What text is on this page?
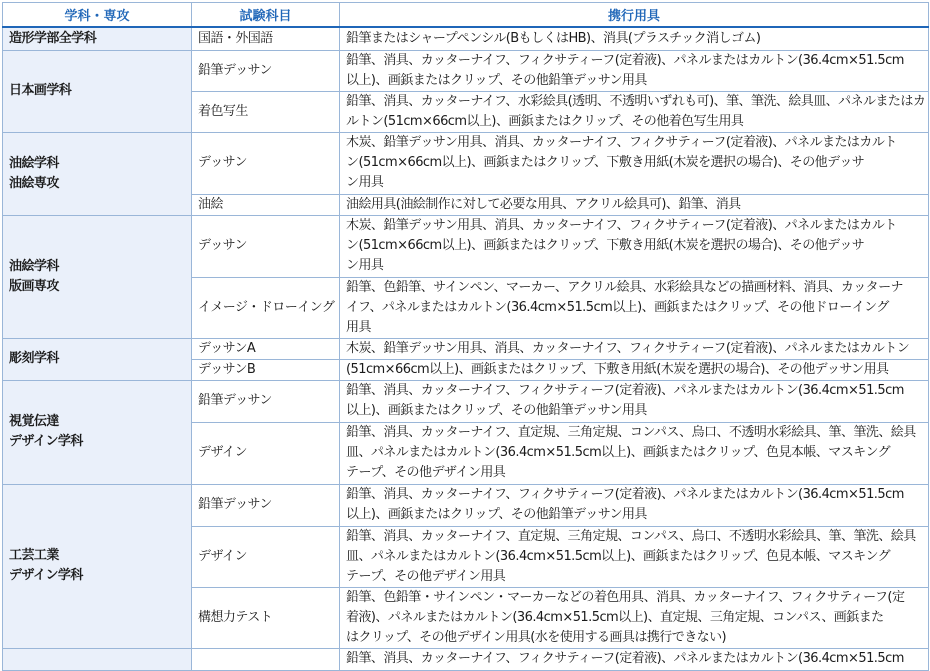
学科・専攻	試験科目	携行用具

造形学部全学科	国語・外国語	鉛筆またはシャープペンシル(BもしくはHB)、消具(プラスチック消しゴム)

日本画学科	鉛筆デッサン	鉛筆、消具、カッターナイフ、フィクサティーフ(定着液)、パネルまたはカルトン(36.4cm×51.5cm
以上)、画鋲またはクリップ、その他鉛筆デッサン用具

	着色写生	鉛筆、消具、カッターナイフ、水彩絵具(透明、不透明いずれも可)、筆、筆洗、絵具皿、パネルまたはカ
ルトン(51cm×66cm以上)、画鋲またはクリップ、その他着色写生用具

油絵学科
油絵専攻	デッサン	木炭、鉛筆デッサン用具、消具、カッターナイフ、フィクサティーフ(定着液)、パネルまたはカルト
ン(51cm×66cm以上)、画鋲またはクリップ、下敷き用紙(木炭を選択の場合)、その他デッサ
ン用具

	油絵	油絵用具(油絵制作に対して必要な用具、アクリル絵具可)、鉛筆、消具

油絵学科
版画専攻	デッサン	木炭、鉛筆デッサン用具、消具、カッターナイフ、フィクサティーフ(定着液)、パネルまたはカルト
ン(51cm×66cm以上)、画鋲またはクリップ、下敷き用紙(木炭を選択の場合)、その他デッサ
ン用具

	イメージ・ドローイング	鉛筆、色鉛筆、サインペン、マーカー、アクリル絵具、水彩絵具などの描画材料、消具、カッターナ
イフ、パネルまたはカルトン(36.4cm×51.5cm以上)、画鋲またはクリップ、その他ドローイング
用具

彫刻学科	デッサンA	木炭、鉛筆デッサン用具、消具、カッターナイフ、フィクサティーフ(定着液)、パネルまたはカルトン

	デッサンB	(51cm×66cm以上)、画鋲またはクリップ、下敷き用紙(木炭を選択の場合)、その他デッサン用具

視覚伝達
デザイン学科	鉛筆デッサン	鉛筆、消具、カッターナイフ、フィクサティーフ(定着液)、パネルまたはカルトン(36.4cm×51.5cm
以上)、画鋲またはクリップ、その他鉛筆デッサン用具

	デザイン	鉛筆、消具、カッターナイフ、直定規、三角定規、コンパス、烏口、不透明水彩絵具、筆、筆洗、絵具
皿、パネルまたはカルトン(36.4cm×51.5cm以上)、画鋲またはクリップ、色見本帳、マスキング
テープ、その他デザイン用具

工芸工業
デザイン学科	鉛筆デッサン	鉛筆、消具、カッターナイフ、フィクサティーフ(定着液)、パネルまたはカルトン(36.4cm×51.5cm
以上)、画鋲またはクリップ、その他鉛筆デッサン用具

	デザイン	鉛筆、消具、カッターナイフ、直定規、三角定規、コンパス、烏口、不透明水彩絵具、筆、筆洗、絵具
皿、パネルまたはカルトン(36.4cm×51.5cm以上)、画鋲またはクリップ、色見本帳、マスキング
テープ、その他デザイン用具

	構想力テスト	鉛筆、色鉛筆・サインペン・マーカーなどの着色用具、消具、カッターナイフ、フィクサティーフ(定
着液)、パネルまたはカルトン(36.4cm×51.5cm以上)、直定規、三角定規、コンパス、画鋲また
はクリップ、その他デザイン用具(水を使用する画具は携行できない)

		鉛筆、消具、カッターナイフ、フィクサティーフ(定着液)、パネルまたはカルトン(36.4cm×51.5cm
